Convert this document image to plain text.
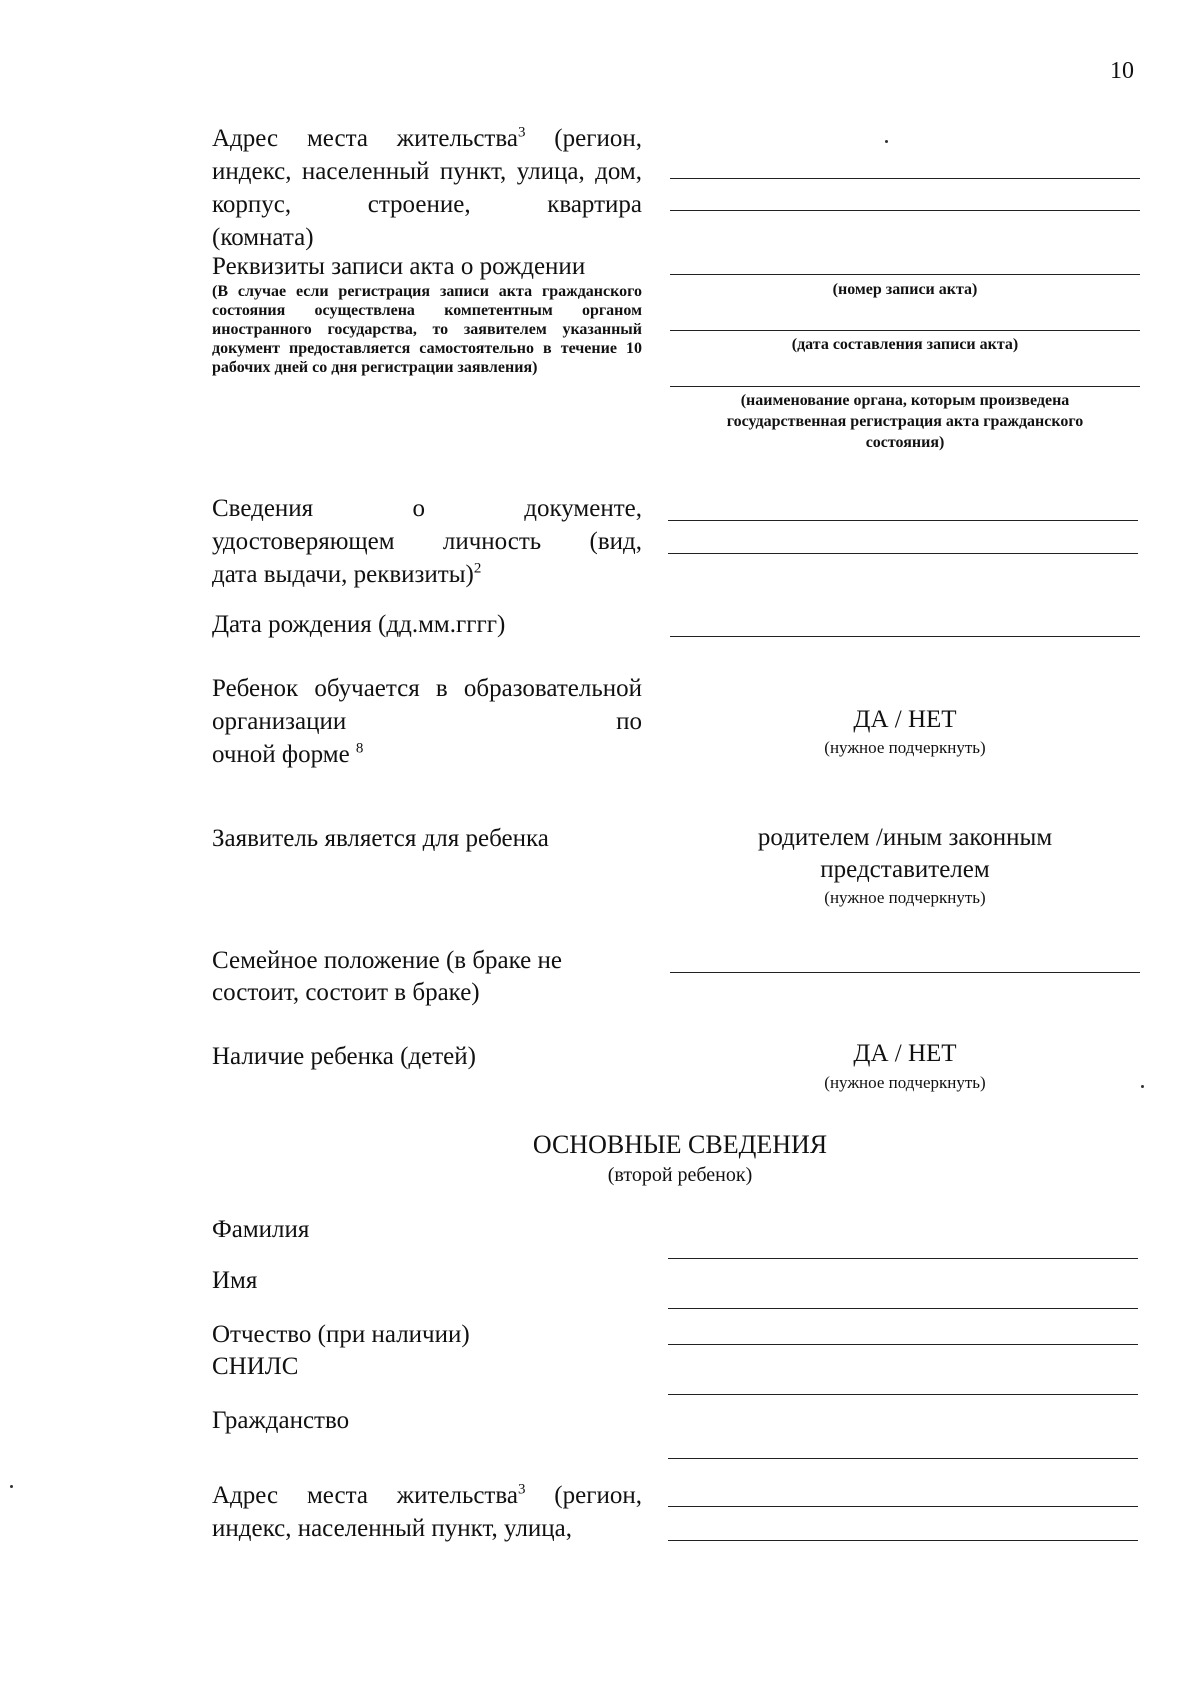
10
Адрес места жительства$^3$ (регион, индекс, населенный пункт, улица, дом, корпус, строение, квартира
(комната)
Реквизиты записи акта о рождении
(В случае если регистрация записи акта гражданского состояния осуществлена компетентным органом иностранного государства, то заявителем указанный документ предоставляется самостоятельно в течение 10 рабочих дней со дня регистрации заявления)
(номер записи акта)
(дата составления записи акта)
(наименование органа, которым произведена государственная регистрация акта гражданского состояния)
Сведения о документе, удостоверяющем личность (вид,
дата выдачи, реквизиты)$^2$
Дата рождения (дд.мм.гггг)
Ребенок обучается в образовательной организации по
очной форме $^8$
ДА / НЕТ
(нужное подчеркнуть)
Заявитель является для ребенка	родителем /иным законным
представителем
(нужное подчеркнуть)
Семейное положение (в браке не
состоит, состоит в браке)
Наличие ребенка (детей)	ДА / НЕТ
(нужное подчеркнуть)
ОСНОВНЫЕ СВЕДЕНИЯ
(второй ребенок)
Фамилия
Имя
Отчество (при наличии)
СНИЛС
Гражданство
Адрес места жительства$^3$ (регион,
индекс, населенный пункт, улица,
